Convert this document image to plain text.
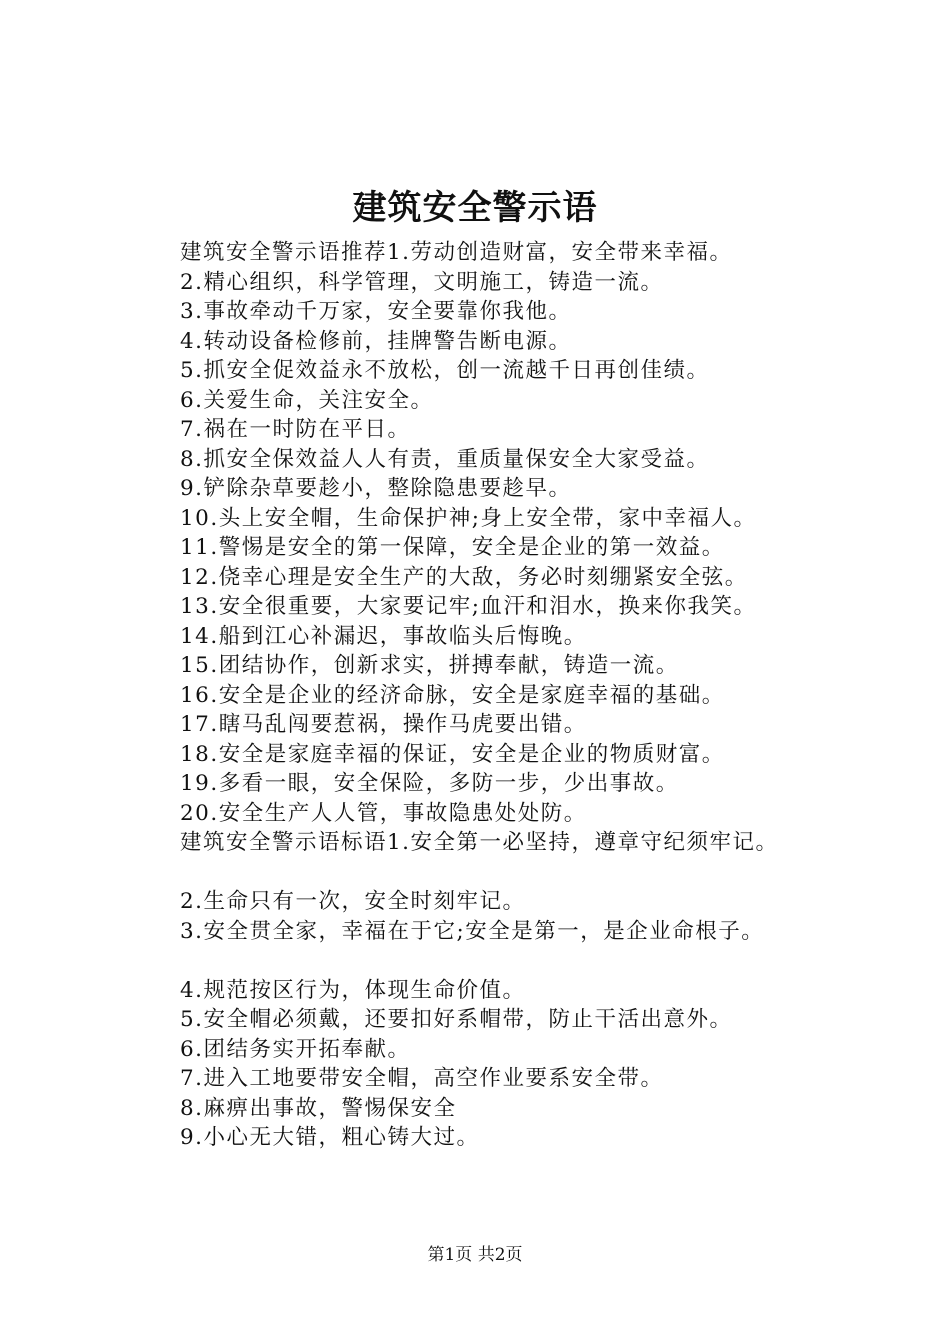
建筑安全警示语
建筑安全警示语推荐1.劳动创造财富，安全带来幸福。
2.精心组织，科学管理，文明施工，铸造一流。
3.事故牵动千万家，安全要靠你我他。
4.转动设备检修前，挂牌警告断电源。
5.抓安全促效益永不放松，创一流越千日再创佳绩。
6.关爱生命，关注安全。
7.祸在一时防在平日。
8.抓安全保效益人人有责，重质量保安全大家受益。
9.铲除杂草要趁小，整除隐患要趁早。
10.头上安全帽，生命保护神;身上安全带，家中幸福人。
11.警惕是安全的第一保障，安全是企业的第一效益。
12.侥幸心理是安全生产的大敌，务必时刻绷紧安全弦。
13.安全很重要，大家要记牢;血汗和泪水，换来你我笑。
14.船到江心补漏迟，事故临头后悔晚。
15.团结协作，创新求实，拼搏奉献，铸造一流。
16.安全是企业的经济命脉，安全是家庭幸福的基础。
17.瞎马乱闯要惹祸，操作马虎要出错。
18.安全是家庭幸福的保证，安全是企业的物质财富。
19.多看一眼，安全保险，多防一步，少出事故。
20.安全生产人人管，事故隐患处处防。
建筑安全警示语标语1.安全第一必坚持，遵章守纪须牢记。
2.生命只有一次，安全时刻牢记。
3.安全贯全家，幸福在于它;安全是第一，是企业命根子。
4.规范按区行为，体现生命价值。
5.安全帽必须戴，还要扣好系帽带，防止干活出意外。
6.团结务实开拓奉献。
7.进入工地要带安全帽，高空作业要系安全带。
8.麻痹出事故，警惕保安全
9.小心无大错，粗心铸大过。
第1页 共2页
